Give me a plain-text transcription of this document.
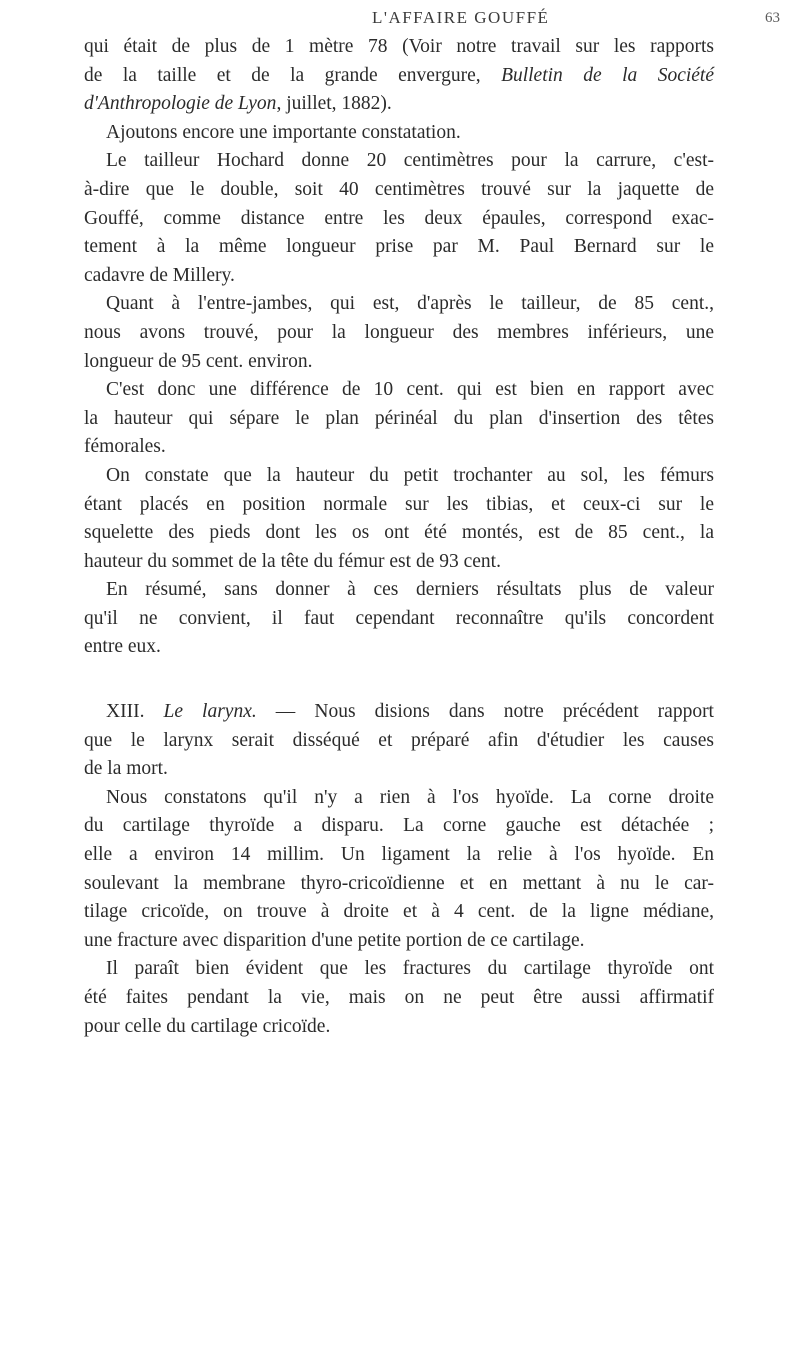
L'AFFAIRE GOUFFÉ	63
qui était de plus de 1 mètre 78 (Voir notre travail sur les rapports
de la taille et de la grande envergure, Bulletin de la Société
d'Anthropologie de Lyon, juillet, 1882).
Ajoutons encore une importante constatation.
Le tailleur Hochard donne 20 centimètres pour la carrure, c'est-
à-dire que le double, soit 40 centimètres trouvé sur la jaquette de
Gouffé, comme distance entre les deux épaules, correspond exac-
tement à la même longueur prise par M. Paul Bernard sur le
cadavre de Millery.
Quant à l'entre-jambes, qui est, d'après le tailleur, de 85 cent.,
nous avons trouvé, pour la longueur des membres inférieurs, une
longueur de 95 cent. environ.
C'est donc une différence de 10 cent. qui est bien en rapport avec
la hauteur qui sépare le plan périnéal du plan d'insertion des têtes
fémorales.
On constate que la hauteur du petit trochanter au sol, les fémurs
étant placés en position normale sur les tibias, et ceux-ci sur le
squelette des pieds dont les os ont été montés, est de 85 cent., la
hauteur du sommet de la tête du fémur est de 93 cent.
En résumé, sans donner à ces derniers résultats plus de valeur
qu'il ne convient, il faut cependant reconnaître qu'ils concordent
entre eux.
XIII. Le larynx. — Nous disions dans notre précédent rapport
que le larynx serait disséqué et préparé afin d'étudier les causes
de la mort.
Nous constatons qu'il n'y a rien à l'os hyoïde. La corne droite
du cartilage thyroïde a disparu. La corne gauche est détachée ;
elle a environ 14 millim. Un ligament la relie à l'os hyoïde. En
soulevant la membrane thyro-cricoïdienne et en mettant à nu le car-
tilage cricoïde, on trouve à droite et à 4 cent. de la ligne médiane,
une fracture avec disparition d'une petite portion de ce cartilage.
Il paraît bien évident que les fractures du cartilage thyroïde ont
été faites pendant la vie, mais on ne peut être aussi affirmatif
pour celle du cartilage cricoïde.
